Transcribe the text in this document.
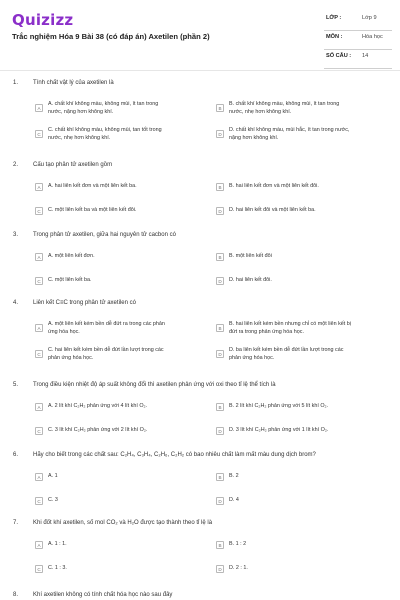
Quizizz
Trắc nghiệm Hóa 9 Bài 38 (có đáp án) Axetilen (phần 2)
LỚP :	Lớp 9
MÔN :	Hóa học
SỐ CÂU : 14
1. Tính chất vật lý của axetilen là
A
A. chất khí không màu, không mùi, ít tan trong
nước, nặng hơn không khí.
B
B. chất khí không màu, không mùi, ít tan trong
nước, nhẹ hơn không khí.
C
C. chất khí không màu, không mùi, tan tốt trong
nước, nhẹ hơn không khí.
D
D. chất khí không màu, mùi hắc, ít tan trong nước,
nặng hơn không khí.
2. Cấu tạo phân tử axetilen gồm
A	A. hai liên kết đơn và một liên kết ba.	B	B. hai liên kết đơn và một liên kết đôi.
C	C. một liên kết ba và một liên kết đôi.	D	D. hai liên kết đôi và một liên kết ba.
3. Trong phân tử axetilen, giữa hai nguyên tử cacbon có
A	A. một liên kết đơn.	B	B. một liên kết đôi
C	C. một liên kết ba.	D	D. hai liên kết đôi.
4. Liên kết C≡C trong phân tử axetilen có
A
A. một liên kết kém bền dễ đứt ra trong các phản
ứng hóa học.
B
B. hai liên kết kém bền nhưng chỉ có một liên kết bị
đứt ra trong phản ứng hóa học.
C
C. hai liên kết kém bền dễ đứt lần lượt trong các
phản ứng hóa học.
D
D. ba liên kết kém bền dễ đứt lần lượt trong các
phản ứng hóa học.
5. Trong điều kiện nhiệt độ áp suất không đổi thì axetilen phản ứng với oxi theo tỉ lệ thể tích là
A	A. 2 lít khí C₂H₂ phản ứng với 4 lít khí O₂.	B	B. 2 lít khí C₂H₂ phản ứng với 5 lít khí O₂.
C	C. 3 lít khí C₂H₂ phản ứng với 2 lít khí O₂.	D	D. 3 lít khí C₂H₂ phản ứng với 1 lít khí O₂.
6. Hãy cho biết trong các chất sau: C₂H₄, C₃H₄, C₂H₆, C₂H₂ có bao nhiêu chất làm mất màu dung dịch brom?
A	A. 1	B	B. 2
C	C. 3	D	D. 4
7. Khi đốt khí axetilen, số mol CO₂ và H₂O được tạo thành theo tỉ lệ là
A	A. 1 : 1.	B	B. 1 : 2
C	C. 1 : 3.	D	D. 2 : 1.
8. Khí axetilen không có tính chất hóa học nào sau đây
